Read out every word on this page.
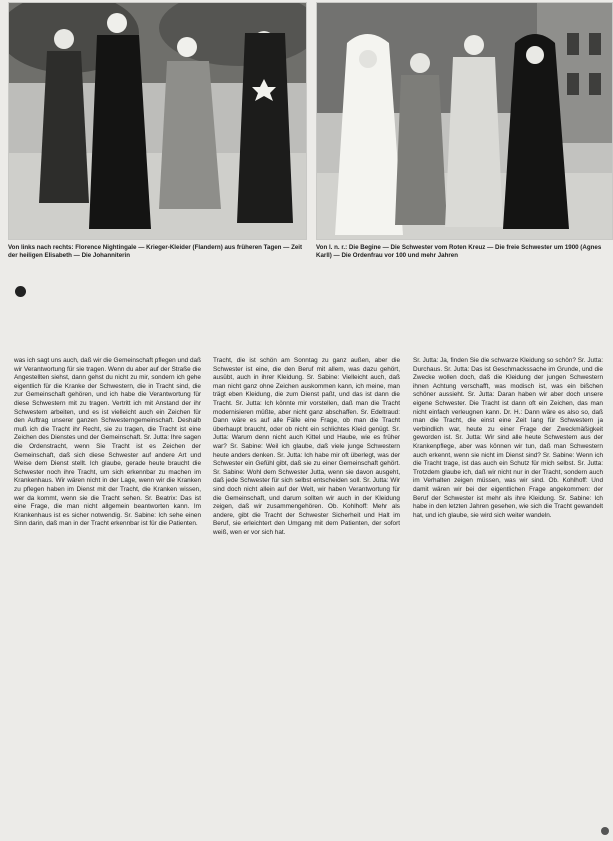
Von links nach rechts: Florence Nightingale — Krieger-Kleider (Flandern) aus früheren Tagen — Zeit der heiligen Elisabeth — Die Johanniterin
Von l. n. r.: Die Begine — Die Schwester vom Roten Kreuz — Die freie Schwester um 1900 (Agnes Karll) — Die Ordenfrau vor 100 und mehr Jahren

was ich sagt uns auch, daß wir die Gemeinschaft pflegen und daß wir Verantwortung für sie tragen. Wenn du aber auf der Straße die Angestellten siehst, dann gehst du nicht zu mir, sondern ich gehe eigentlich für die Kranke der Schwestern, die in Tracht sind, die zur Gemeinschaft gehören, und ich habe die Verantwortung für diese Schwestern mit zu tragen. Vertritt ich mit Anstand der ihr Schwestern arbeiten, und es ist vielleicht auch ein Zeichen für den Auftrag unserer ganzen Schwesterngemeinschaft. Deshalb muß ich die Tracht ihr Recht, sie zu tragen, die Tracht ist eine Zeichen des Dienstes und der Gemeinschaft. Sr. Jutta: Ihre sagen die Ordenstracht, wenn Sie Tracht ist es Zeichen der Gemeinschaft, daß sich diese Schwester auf andere Art und Weise dem Dienst stellt. Ich glaube, gerade heute braucht die Schwester noch ihre Tracht, um sich erkennbar zu machen im Krankenhaus. Wir wären nicht in der Lage, wenn wir die Kranken zu pflegen haben im Dienst mit der Tracht, die Kranken wissen, wer da kommt, wenn sie die Tracht sehen. Sr. Beatrix: Das ist eine Frage, die man nicht allgemein beantworten kann. Im Krankenhaus ist es sicher notwendig. Sr. Sabine: Ich sehe einen Sinn darin, daß man in der Tracht erkennbar ist für die Patienten.

Tracht, die ist schön am Sonntag zu ganz außen, aber die Schwester ist eine, die den Beruf mit allem, was dazu gehört, ausübt, auch in ihrer Kleidung. Sr. Sabine: Vielleicht auch, daß man nicht ganz ohne Zeichen auskommen kann, ich meine, man trägt eben Kleidung, die zum Dienst paßt, und das ist dann die Tracht. Sr. Jutta: Ich könnte mir vorstellen, daß man die Tracht modernisieren müßte, aber nicht ganz abschaffen. Sr. Edeltraud: Dann wäre es auf alle Fälle eine Frage, ob man die Tracht überhaupt braucht, oder ob nicht ein schlichtes Kleid genügt. Sr. Jutta: Warum denn nicht auch Kittel und Haube, wie es früher war? Sr. Sabine: Weil ich glaube, daß viele junge Schwestern heute anders denken. Sr. Jutta: Ich habe mir oft überlegt, was der Schwester ein Gefühl gibt, daß sie zu einer Gemeinschaft gehört. Sr. Sabine: Wohl dem Schwester Jutta, wenn sie davon ausgeht, daß jede Schwester für sich selbst entscheiden soll. Sr. Jutta: Wir sind doch nicht allein auf der Welt, wir haben Verantwortung für die Gemeinschaft, und darum sollten wir auch in der Kleidung zeigen, daß wir zusammengehören. Ob. Kohlhoff: Mehr als andere, gibt die Tracht der Schwester Sicherheit und Halt im Beruf, sie erleichtert den Umgang mit dem Patienten, der sofort weiß, wen er vor sich hat.

Sr. Jutta: Ja, finden Sie die schwarze Kleidung so schön? Sr. Jutta: Durchaus. Sr. Jutta: Das ist Geschmackssache im Grunde, und die Zwecke wollen doch, daß die Kleidung der jungen Schwestern ihnen Achtung verschafft, was modisch ist, was ein bißchen schöner aussieht. Sr. Jutta: Daran haben wir aber doch unsere eigene Schwester. Die Tracht ist dann oft ein Zeichen, das man nicht einfach verleugnen kann. Dr. H.: Dann wäre es also so, daß man die Tracht, die einst eine Zeit lang für Schwestern ja verbindlich war, heute zu einer Frage der Zweckmäßigkeit geworden ist. Sr. Jutta: Wir sind alle heute Schwestern aus der Krankenpflege, aber was können wir tun, daß man Schwestern auch erkennt, wenn sie nicht im Dienst sind? Sr. Sabine: Wenn ich die Tracht trage, ist das auch ein Schutz für mich selbst. Sr. Jutta: Trotzdem glaube ich, daß wir nicht nur in der Tracht, sondern auch im Verhalten zeigen müssen, was wir sind. Ob. Kohlhoff: Und damit wären wir bei der eigentlichen Frage angekommen: der Beruf der Schwester ist mehr als ihre Kleidung. Sr. Sabine: Ich habe in den letzten Jahren gesehen, wie sich die Tracht gewandelt hat, und ich glaube, sie wird sich weiter wandeln.
